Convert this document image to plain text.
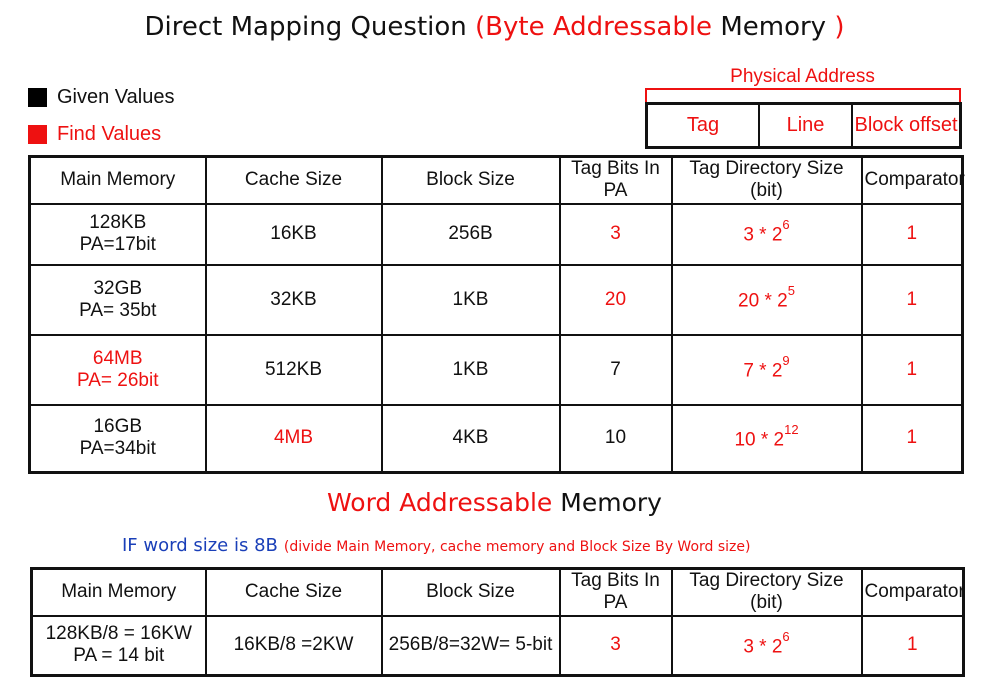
Direct Mapping Question (Byte Addressable Memory )
Given Values
Find Values
Physical Address
Tag	Line	Block offset
Main Memory	Cache Size	Block Size	Tag Bits In PA	Tag Directory Size (bit)	Comparator
128KB
PA=17bit	16KB	256B	3	$3 * 2^6$	1
32GB
PA= 35bt	32KB	1KB	20	$20 * 2^5$	1
64MB
PA= 26bit	512KB	1KB	7	$7 * 2^9$	1
16GB
PA=34bit	4MB	4KB	10	$10 * 2^{12}$	1
Word Addressable Memory
IF word size is 8B (divide Main Memory, cache memory and Block Size By Word size)
Main Memory	Cache Size	Block Size	Tag Bits In PA	Tag Directory Size (bit)	Comparator
128KB/8 = 16KW
PA = 14 bit	16KB/8 =2KW	256B/8=32W= 5-bit	3	$3 * 2^6$	1
